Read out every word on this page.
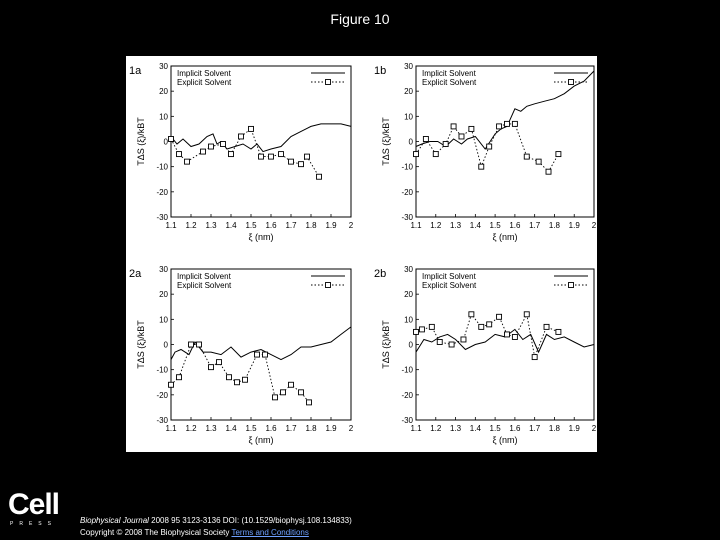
Figure 10
1a
1.1 1.2 1.3 1.4 1.5 1.6 1.7 1.8 1.9 2
-30
-20
-10
0
10
20
30
ξ (nm)
TΔS (ξ)/kBT
Implicit Solvent
Explicit Solvent
1b
1.1 1.2 1.3 1.4 1.5 1.6 1.7 1.8 1.9 2
-30
-20
-10
0
10
20
30
ξ (nm)
TΔS (ξ)/kBT
Implicit Solvent
Explicit Solvent
2a
1.1 1.2 1.3 1.4 1.5 1.6 1.7 1.8 1.9 2
-30
-20
-10
0
10
20
30
ξ (nm)
TΔS (ξ)/kBT
Implicit Solvent
Explicit Solvent
2b
1.1 1.2 1.3 1.4 1.5 1.6 1.7 1.8 1.9 2
-30
-20
-10
0
10
20
30
ξ (nm)
TΔS (ξ)/kBT
Implicit Solvent
Explicit Solvent
Cell
PRESS	Biophysical Journal 2008 95 3123-3136 DOI: (10.1529/biophysj.108.134833)
Copyright © 2008 The Biophysical Society Terms and Conditions
